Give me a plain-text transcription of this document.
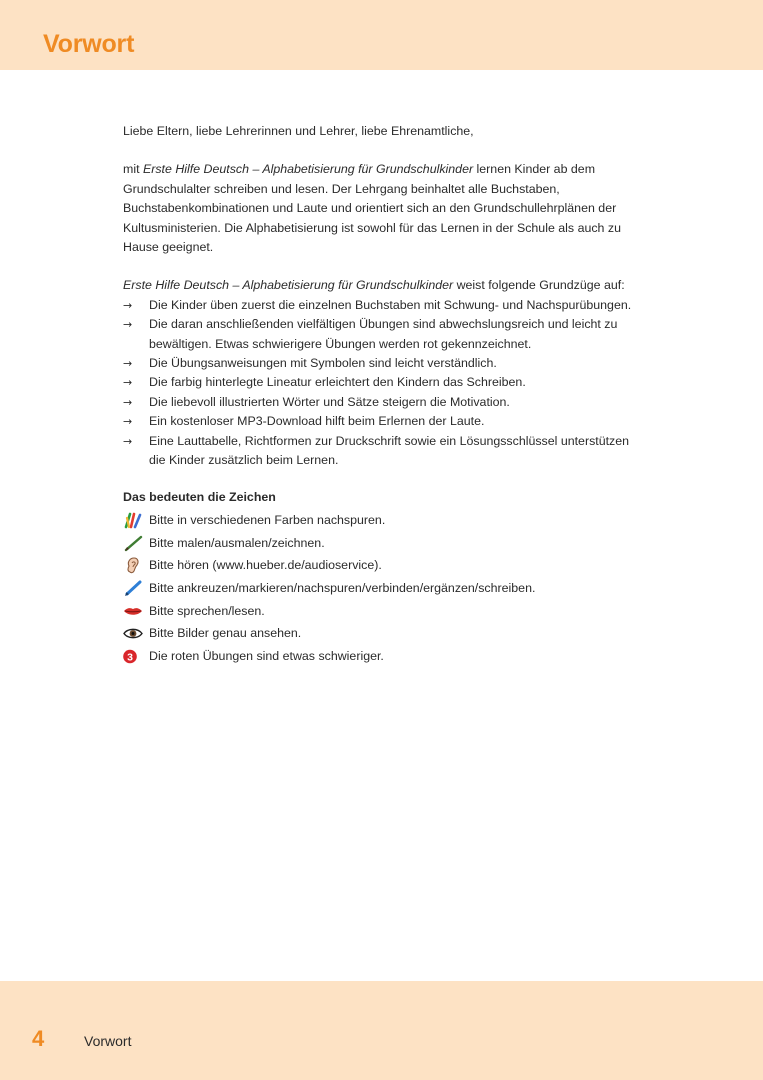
Vorwort

Liebe Eltern, liebe Lehrerinnen und Lehrer, liebe Ehrenamtliche,

mit Erste Hilfe Deutsch – Alphabetisierung für Grundschulkinder lernen Kinder ab dem Grundschulalter schreiben und lesen. Der Lehrgang beinhaltet alle Buchstaben, Buchstabenkombinationen und Laute und orientiert sich an den Grundschullehrplänen der Kultusministerien. Die Alphabetisierung ist sowohl für das Lernen in der Schule als auch zu Hause geeignet.

Erste Hilfe Deutsch – Alphabetisierung für Grundschulkinder weist folgende Grundzüge auf:

→	Die Kinder üben zuerst die einzelnen Buchstaben mit Schwung- und Nachspurübungen.
→	Die daran anschließenden vielfältigen Übungen sind abwechslungsreich und leicht zu bewältigen. Etwas schwierigere Übungen werden rot gekennzeichnet.
→	Die Übungsanweisungen mit Symbolen sind leicht verständlich.
→	Die farbig hinterlegte Lineatur erleichtert den Kindern das Schreiben.
→	Die liebevoll illustrierten Wörter und Sätze steigern die Motivation.
→	Ein kostenloser MP3-Download hilft beim Erlernen der Laute.
→	Eine Lauttabelle, Richtformen zur Druckschrift sowie ein Lösungsschlüssel unterstützen die Kinder zusätzlich beim Lernen.

Das bedeuten die Zeichen

Bitte in verschiedenen Farben nachspuren.
Bitte malen/ausmalen/zeichnen.
Bitte hören (www.hueber.de/audioservice).
Bitte ankreuzen/markieren/nachspuren/verbinden/ergänzen/schreiben.
Bitte sprechen/lesen.
Bitte Bilder genau ansehen.
3 Die roten Übungen sind etwas schwieriger.
4	Vorwort
